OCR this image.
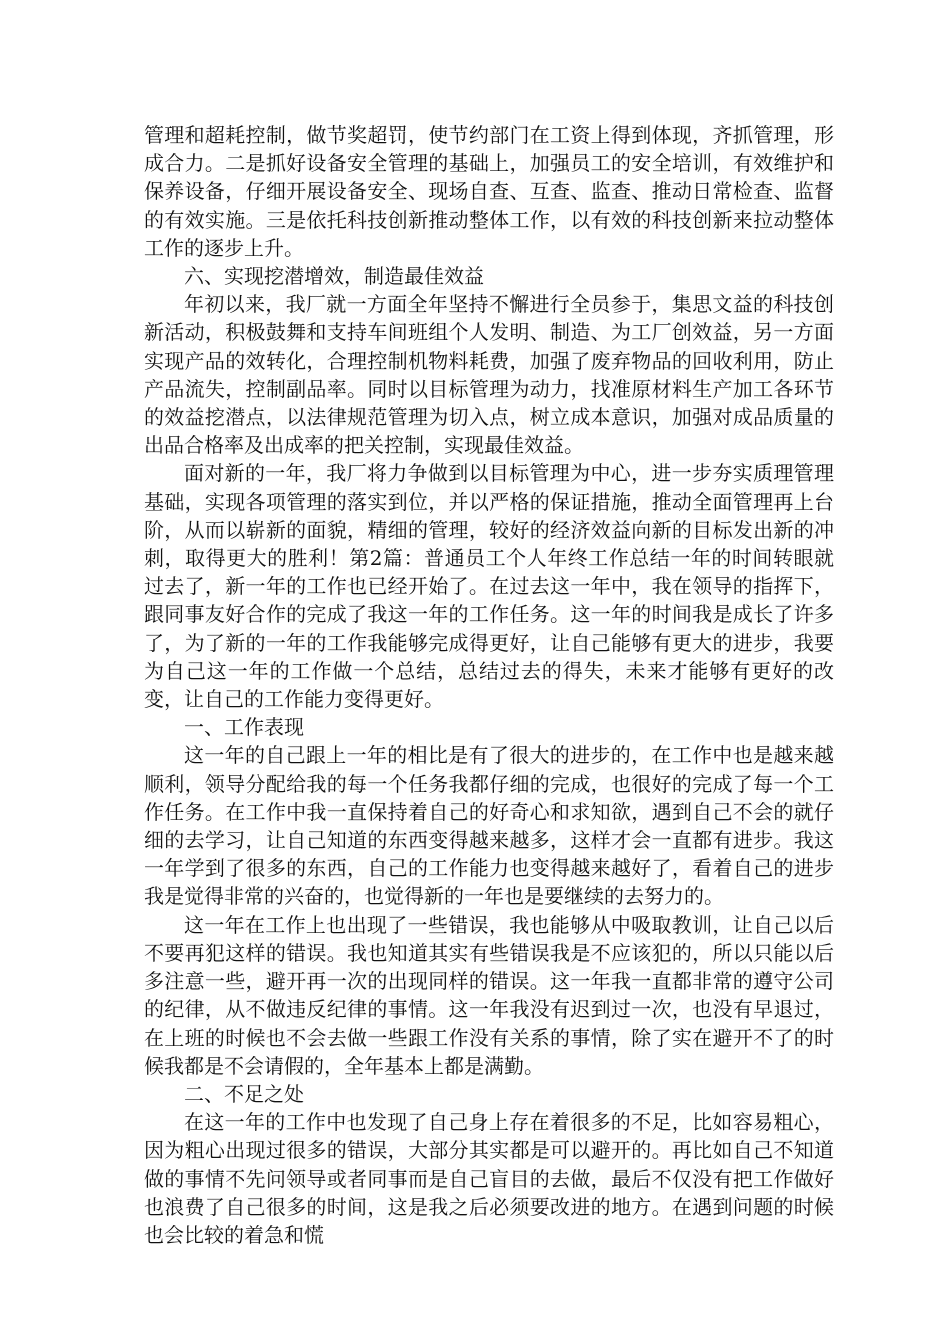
管理和超耗控制，做节奖超罚，使节约部门在工资上得到体现，齐抓管理，形成合力。二是抓好设备安全管理的基础上，加强员工的安全培训，有效维护和保养设备，仔细开展设备安全、现场自查、互查、监查、推动日常检查、监督的有效实施。三是依托科技创新推动整体工作，以有效的科技创新来拉动整体工作的逐步上升。

六、实现挖潜增效，制造最佳效益

年初以来，我厂就一方面全年坚持不懈进行全员参于，集思文益的科技创新活动，积极鼓舞和支持车间班组个人发明、制造、为工厂创效益，另一方面实现产品的效转化，合理控制机物料耗费，加强了废弃物品的回收利用，防止产品流失，控制副品率。同时以目标管理为动力，找准原材料生产加工各环节的效益挖潜点，以法律规范管理为切入点，树立成本意识，加强对成品质量的出品合格率及出成率的把关控制，实现最佳效益。

面对新的一年，我厂将力争做到以目标管理为中心，进一步夯实质理管理基础，实现各项管理的落实到位，并以严格的保证措施，推动全面管理再上台阶，从而以崭新的面貌，精细的管理，较好的经济效益向新的目标发出新的冲刺，取得更大的胜利！第2篇：普通员工个人年终工作总结一年的时间转眼就过去了，新一年的工作也已经开始了。在过去这一年中，我在领导的指挥下，跟同事友好合作的完成了我这一年的工作任务。这一年的时间我是成长了许多了，为了新的一年的工作我能够完成得更好，让自己能够有更大的进步，我要为自己这一年的工作做一个总结，总结过去的得失，未来才能够有更好的改变，让自己的工作能力变得更好。

一、工作表现

这一年的自己跟上一年的相比是有了很大的进步的，在工作中也是越来越顺利，领导分配给我的每一个任务我都仔细的完成，也很好的完成了每一个工作任务。在工作中我一直保持着自己的好奇心和求知欲，遇到自己不会的就仔细的去学习，让自己知道的东西变得越来越多，这样才会一直都有进步。我这一年学到了很多的东西，自己的工作能力也变得越来越好了，看着自己的进步我是觉得非常的兴奋的，也觉得新的一年也是要继续的去努力的。

这一年在工作上也出现了一些错误，我也能够从中吸取教训，让自己以后不要再犯这样的错误。我也知道其实有些错误我是不应该犯的，所以只能以后多注意一些，避开再一次的出现同样的错误。这一年我一直都非常的遵守公司的纪律，从不做违反纪律的事情。这一年我没有迟到过一次，也没有早退过，在上班的时候也不会去做一些跟工作没有关系的事情，除了实在避开不了的时候我都是不会请假的，全年基本上都是满勤。

二、不足之处

在这一年的工作中也发现了自己身上存在着很多的不足，比如容易粗心，因为粗心出现过很多的错误，大部分其实都是可以避开的。再比如自己不知道做的事情不先问领导或者同事而是自己盲目的去做，最后不仅没有把工作做好也浪费了自己很多的时间，这是我之后必须要改进的地方。在遇到问题的时候也会比较的着急和慌
